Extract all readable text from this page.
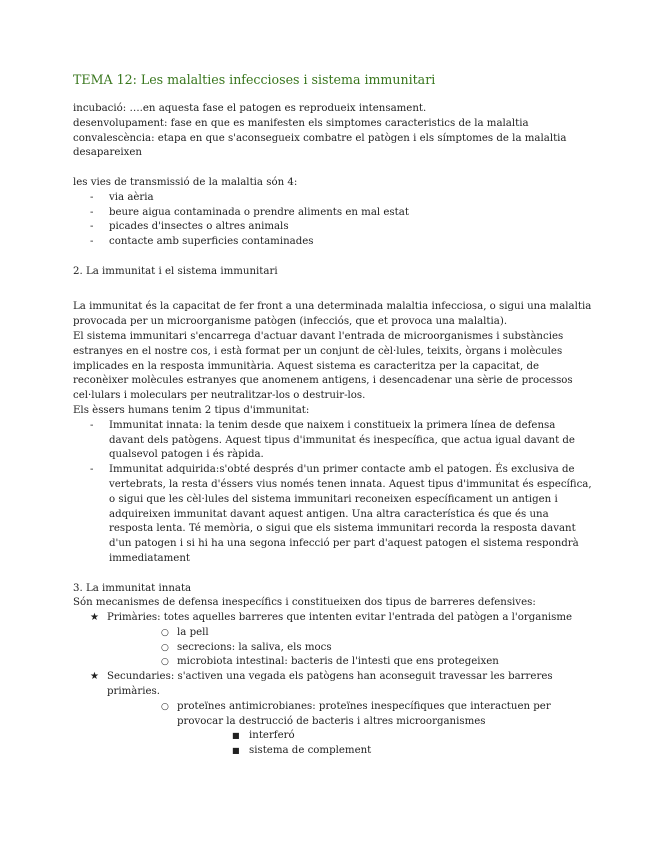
TEMA 12: Les malalties infeccioses i sistema immunitari

incubació: ….en aquesta fase el patogen es reprodueix intensament.

desenvolupament: fase en que es manifesten els simptomes caracteristics de la malaltia

convalescència: etapa en que s'aconsegueix combatre el patògen i els símptomes de la malaltia desapareixen

les vies de transmissió de la malaltia són 4:

- via aèria
- beure aigua contaminada o prendre aliments en mal estat
- picades d'insectes o altres animals
- contacte amb superficies contaminades

2. La immunitat i el sistema immunitari

La immunitat és la capacitat de fer front a una determinada malaltia infecciosa, o sigui una malaltia provocada per un microorganisme patògen (infecciós, que et provoca una malaltia).

El sistema immunitari s'encarrega d'actuar davant l'entrada de microorganismes i substàncies estranyes en el nostre cos, i està format per un conjunt de cèl·lules, teixits, òrgans i molècules implicades en la resposta immunitària. Aquest sistema es caracteritza per la capacitat, de reconèixer molècules estranyes que anomenem antigens, i desencadenar una sèrie de processos cel·lulars i moleculars per neutralitzar-los o destruir-los.

Els èssers humans tenim 2 tipus d'immunitat:

- Immunitat innata: la tenim desde que naixem i constitueix la primera línea de defensa davant dels patògens. Aquest tipus d'immunitat és inespecífica, que actua igual davant de qualsevol patogen i és ràpida.
- Immunitat adquirida:s'obté després d'un primer contacte amb el patogen. És exclusiva de vertebrats, la resta d'éssers vius només tenen innata. Aquest tipus d'immunitat és específica, o sigui que les cèl·lules del sistema immunitari reconeixen específicament un antigen i adquireixen immunitat davant aquest antigen. Una altra característica és que és una resposta lenta. Té memòria, o sigui que els sistema immunitari recorda la resposta davant d'un patogen i si hi ha una segona infecció per part d'aquest patogen el sistema respondrà immediatament

3. La immunitat innata

Són mecanismes de defensa inespecífics i constitueixen dos tipus de barreres defensives:

★ Primàries: totes aquelles barreres que intenten evitar l'entrada del patògen a l'organisme
○ la pell
○ secrecions: la saliva, els mocs
○ microbiota intestinal: bacteris de l'intesti que ens protegeixen
★ Secundaries: s'activen una vegada els patògens han aconseguit travessar les barreres primàries.
○ proteïnes antimicrobianes: proteïnes inespecífiques que interactuen per provocar la destrucció de bacteris i altres microorganismes
■ interferó
■ sistema de complement
